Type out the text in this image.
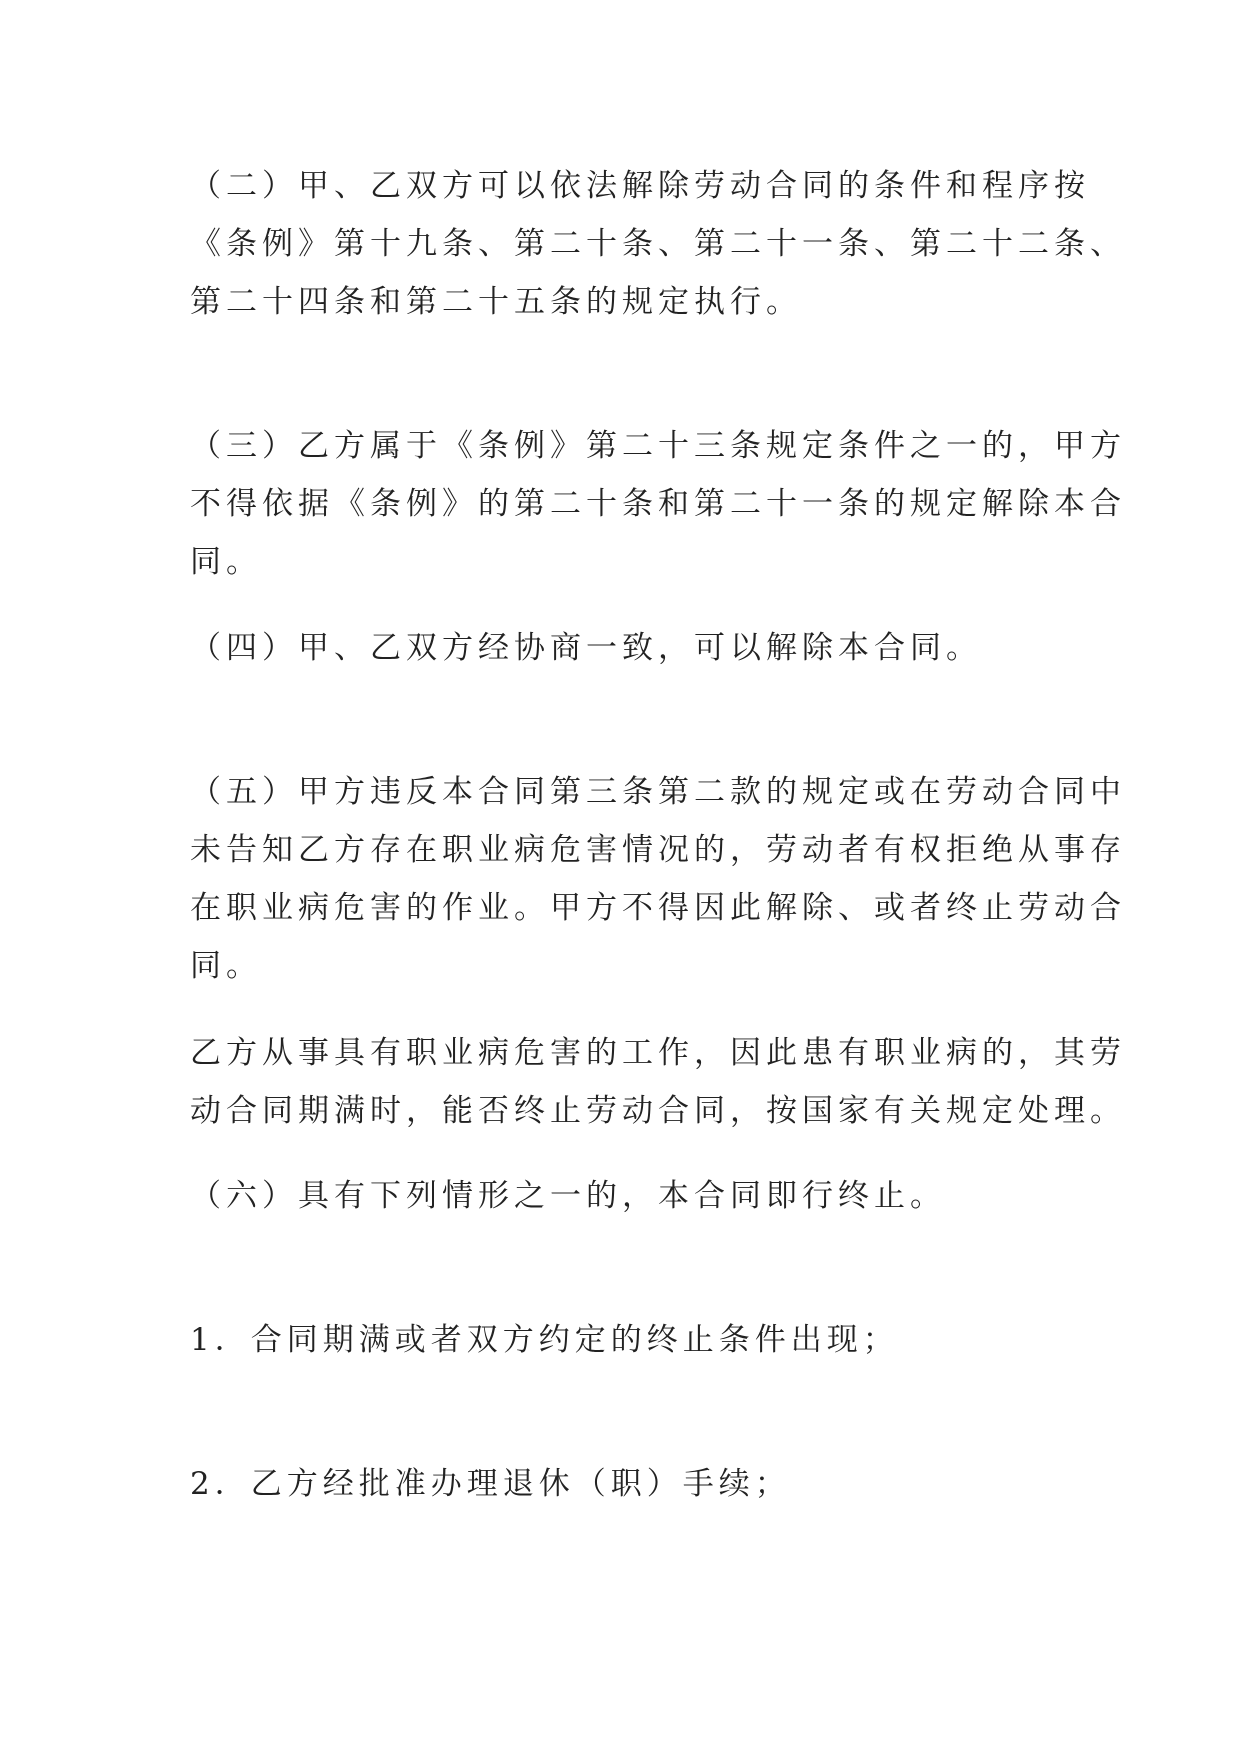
（二）甲、乙双方可以依法解除劳动合同的条件和程序按
《条例》第十九条、第二十条、第二十一条、第二十二条、
第二十四条和第二十五条的规定执行。

（三）乙方属于《条例》第二十三条规定条件之一的，甲方
不得依据《条例》的第二十条和第二十一条的规定解除本合
同。

（四）甲、乙双方经协商一致，可以解除本合同。

（五）甲方违反本合同第三条第二款的规定或在劳动合同中
未告知乙方存在职业病危害情况的，劳动者有权拒绝从事存
在职业病危害的作业。甲方不得因此解除、或者终止劳动合
同。

乙方从事具有职业病危害的工作，因此患有职业病的，其劳
动合同期满时，能否终止劳动合同，按国家有关规定处理。

（六）具有下列情形之一的，本合同即行终止。

1．合同期满或者双方约定的终止条件出现；

2．乙方经批准办理退休（职）手续；
